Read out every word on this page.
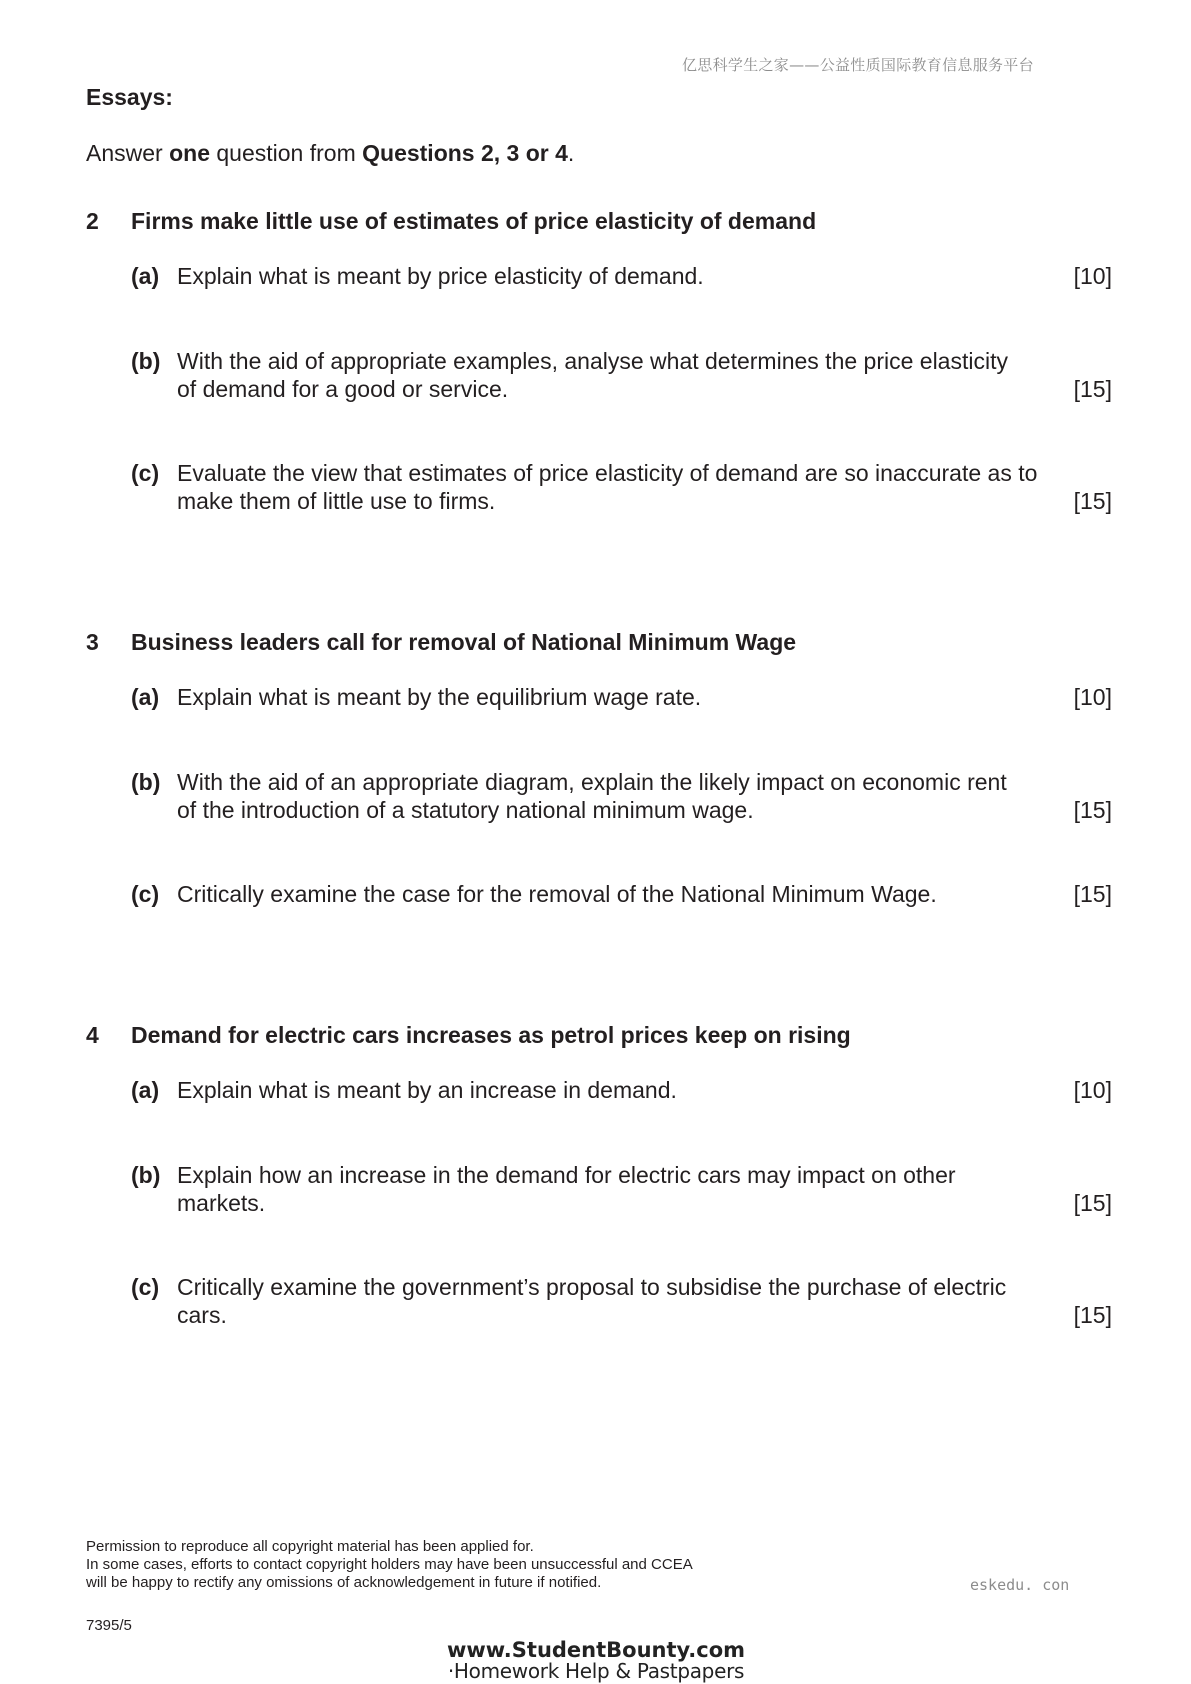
亿思科学生之家——公益性质国际教育信息服务平台
Essays:
Answer one question from Questions 2, 3 or 4.
2 Firms make little use of estimates of price elasticity of demand
(a) Explain what is meant by price elasticity of demand.	[10]
(b) With the aid of appropriate examples, analyse what determines the price elasticity
of demand for a good or service.	[15]
(c) Evaluate the view that estimates of price elasticity of demand are so inaccurate as to
make them of little use to firms.	[15]
3 Business leaders call for removal of National Minimum Wage
(a) Explain what is meant by the equilibrium wage rate.	[10]
(b) With the aid of an appropriate diagram, explain the likely impact on economic rent
of the introduction of a statutory national minimum wage.	[15]
(c) Critically examine the case for the removal of the National Minimum Wage.	[15]
4 Demand for electric cars increases as petrol prices keep on rising
(a) Explain what is meant by an increase in demand.	[10]
(b) Explain how an increase in the demand for electric cars may impact on other
markets.	[15]
(c) Critically examine the government’s proposal to subsidise the purchase of electric
cars.	[15]
Permission to reproduce all copyright material has been applied for.
In some cases, efforts to contact copyright holders may have been unsuccessful and CCEA
will be happy to rectify any omissions of acknowledgement in future if notified.	eskedu. con
7395/5
www.StudentBounty.com
·Homework Help & Pastpapers
